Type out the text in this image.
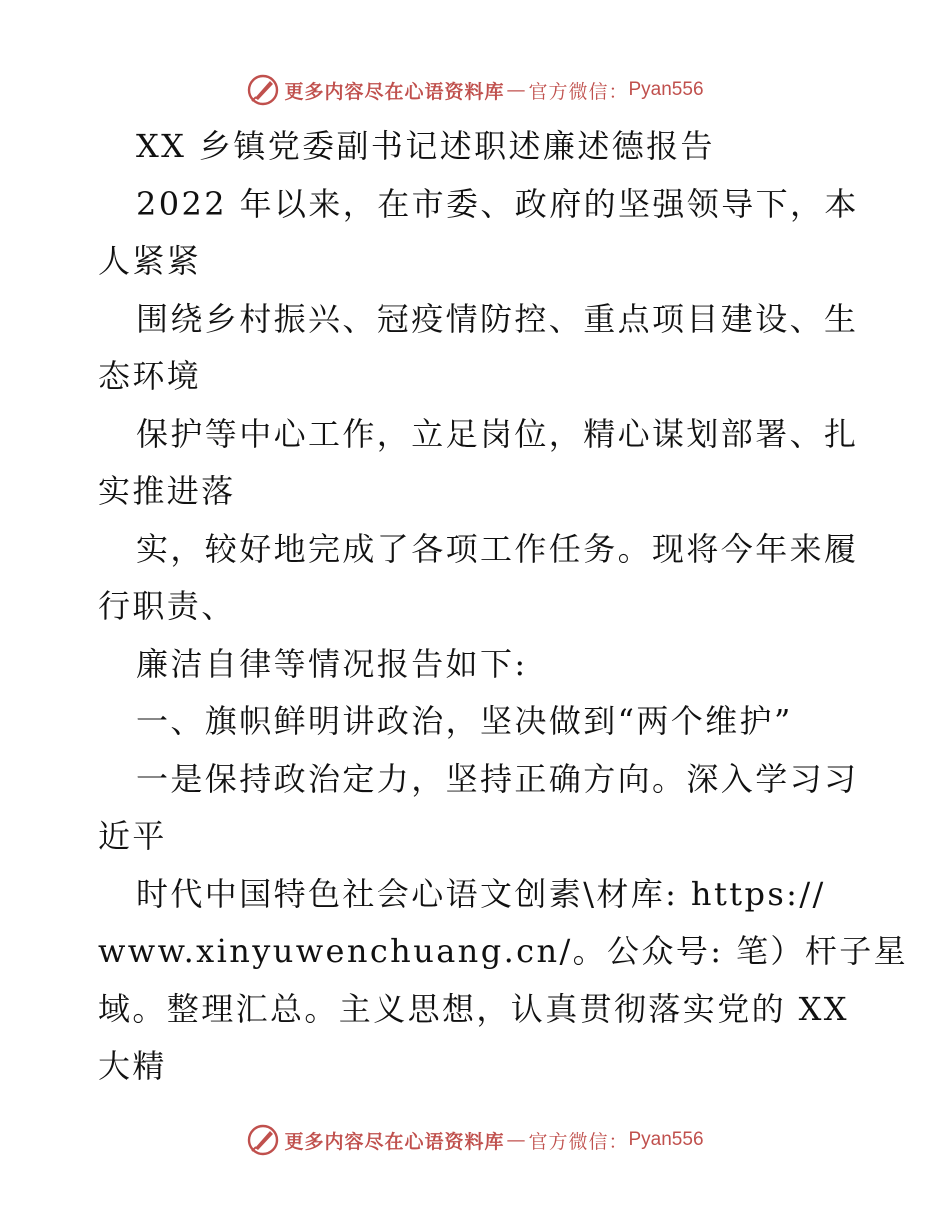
更多内容尽在心语资料库 — 官方微信： Pyan556

XX 乡镇党委副书记述职述廉述德报告

2022 年以来，在市委、政府的坚强领导下，本

人紧紧

围绕乡村振兴、冠疫情防控、重点项目建设、生

态环境

保护等中心工作，立足岗位，精心谋划部署、扎

实推进落

实，较好地完成了各项工作任务。现将今年来履

行职责、

廉洁自律等情况报告如下:

一、旗帜鲜明讲政治，坚决做到“两个维护”

一是保持政治定力，坚持正确方向。深入学习习

近平

时代中国特色社会心语文创素\材库: https://

www.xinyuwenchuang.cn/。公众号: 笔）杆子星

域。整理汇总。主义思想，认真贯彻落实党的 XX

大精

更多内容尽在心语资料库 — 官方微信： Pyan556
